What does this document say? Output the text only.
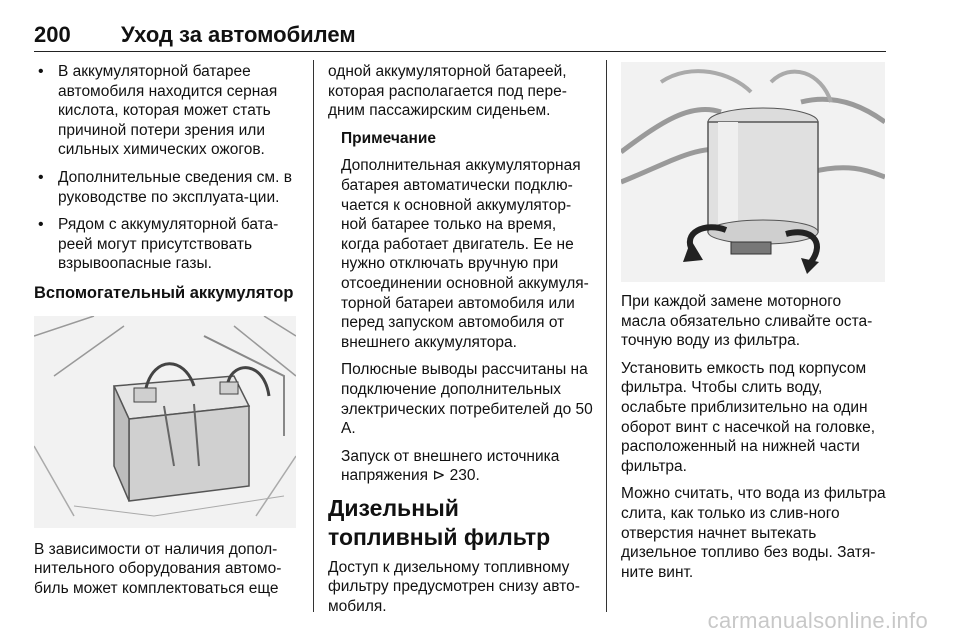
200 Уход за автомобилем
• В аккумуляторной батарее автомобиля находится серная кислота, которая может стать причиной потери зрения или сильных химических ожогов.
• Дополнительные сведения см. в руководстве по эксплуата-ции.
• Рядом с аккумуляторной бата-реей могут присутствовать взрывоопасные газы.
Вспомогательный аккумулятор

В зависимости от наличия допол-нительного оборудования автомо-биль может комплектоваться еще

одной аккумуляторной батареей, которая располагается под пере-дним пассажирским сиденьем.

Примечание

Дополнительная аккумуляторная батарея автоматически подклю-чается к основной аккумулятор-ной батарее только на время, когда работает двигатель. Ее не нужно отключать вручную при отсоединении основной аккумуля-торной батареи автомобиля или перед запуском автомобиля от внешнего аккумулятора.

Полюсные выводы рассчитаны на подключение дополнительных электрических потребителей до 50 А.

Запуск от внешнего источника напряжения ⊳ 230.

Дизельный топливный фильтр

Доступ к дизельному топливному фильтру предусмотрен снизу авто-мобиля.

При каждой замене моторного масла обязательно сливайте оста-точную воду из фильтра.

Установить емкость под корпусом фильтра. Чтобы слить воду, ослабьте приблизительно на один оборот винт с насечкой на головке, расположенный на нижней части фильтра.

Можно считать, что вода из фильтра слита, как только из слив-ного отверстия начнет вытекать дизельное топливо без воды. Затя-ните винт.

carmanualsonline.info
